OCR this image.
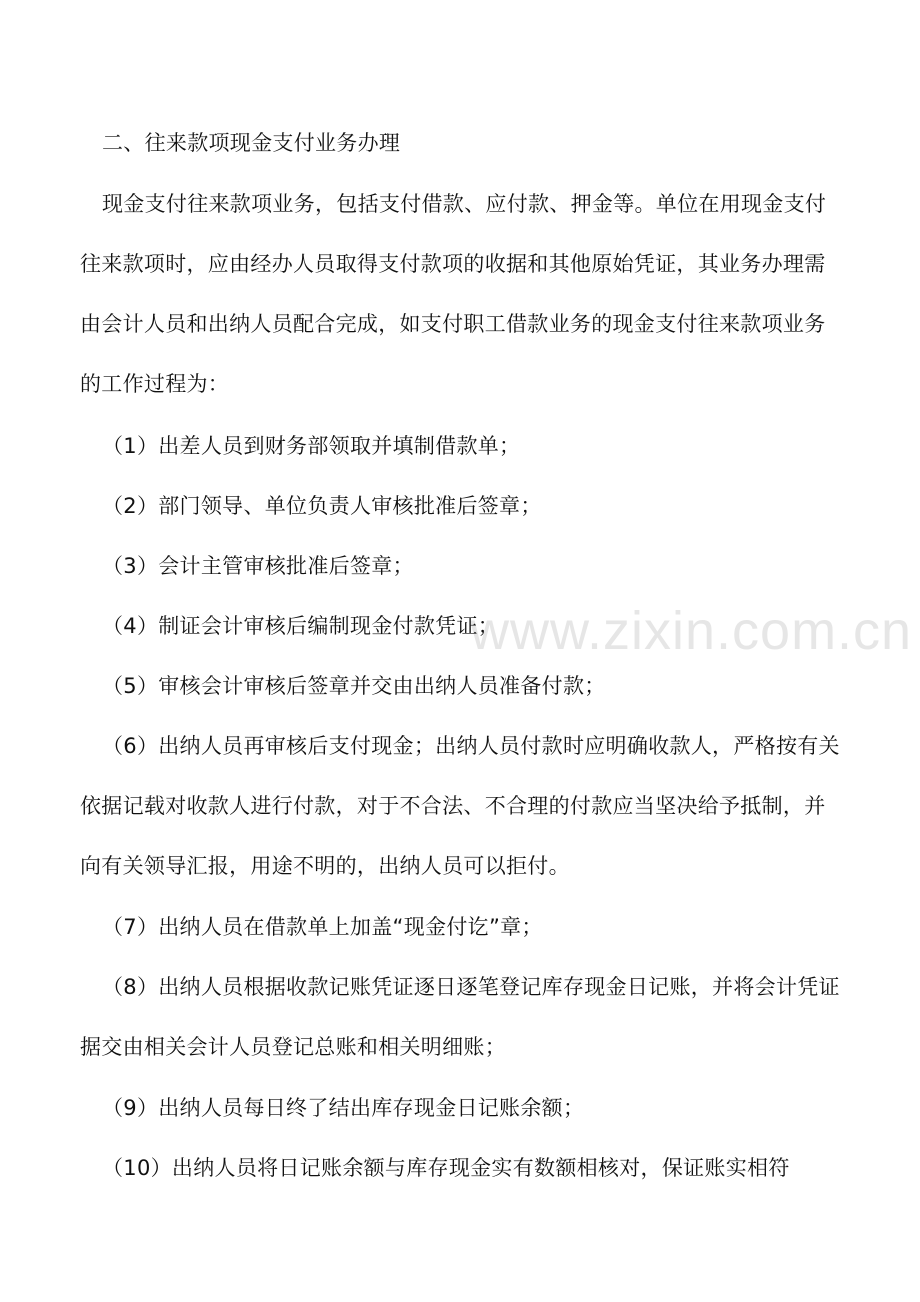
www.zixin.com.cn
二、往来款项现金支付业务办理
现金支付往来款项业务，包括支付借款、应付款、押金等。单位在用现金支付
往来款项时，应由经办人员取得支付款项的收据和其他原始凭证，其业务办理需
由会计人员和出纳人员配合完成，如支付职工借款业务的现金支付往来款项业务
的工作过程为：
（1）出差人员到财务部领取并填制借款单；
（2）部门领导、单位负责人审核批准后签章；
（3）会计主管审核批准后签章；
（4）制证会计审核后编制现金付款凭证；
（5）审核会计审核后签章并交由出纳人员准备付款；
（6）出纳人员再审核后支付现金；出纳人员付款时应明确收款人，严格按有关
依据记载对收款人进行付款，对于不合法、不合理的付款应当坚决给予抵制，并
向有关领导汇报，用途不明的，出纳人员可以拒付。
（7）出纳人员在借款单上加盖“现金付讫”章；
（8）出纳人员根据收款记账凭证逐日逐笔登记库存现金日记账，并将会计凭证
据交由相关会计人员登记总账和相关明细账；
（9）出纳人员每日终了结出库存现金日记账余额；
（10）出纳人员将日记账余额与库存现金实有数额相核对，保证账实相符
